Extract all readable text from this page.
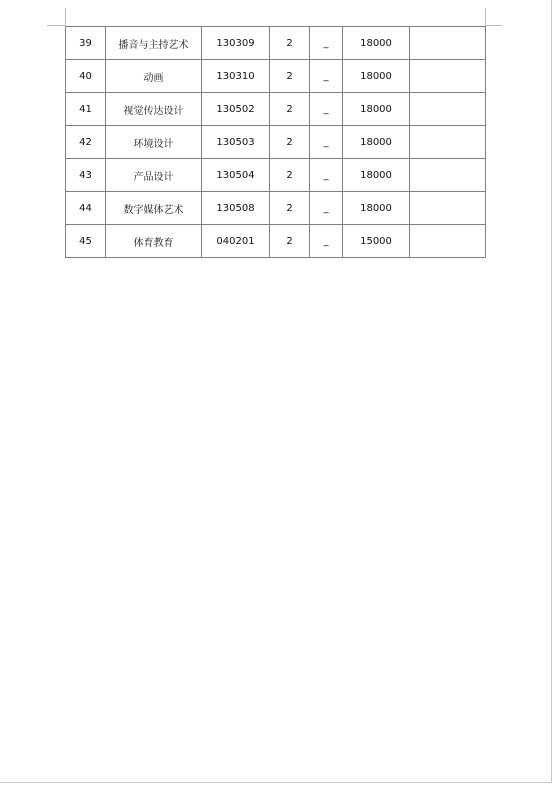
39	播音与主持艺术	130309	2	_	18000	
40	动画	130310	2	_	18000	
41	视觉传达设计	130502	2	_	18000	
42	环境设计	130503	2	_	18000	
43	产品设计	130504	2	_	18000	
44	数字媒体艺术	130508	2	_	18000	
45	体育教育	040201	2	_	15000	
